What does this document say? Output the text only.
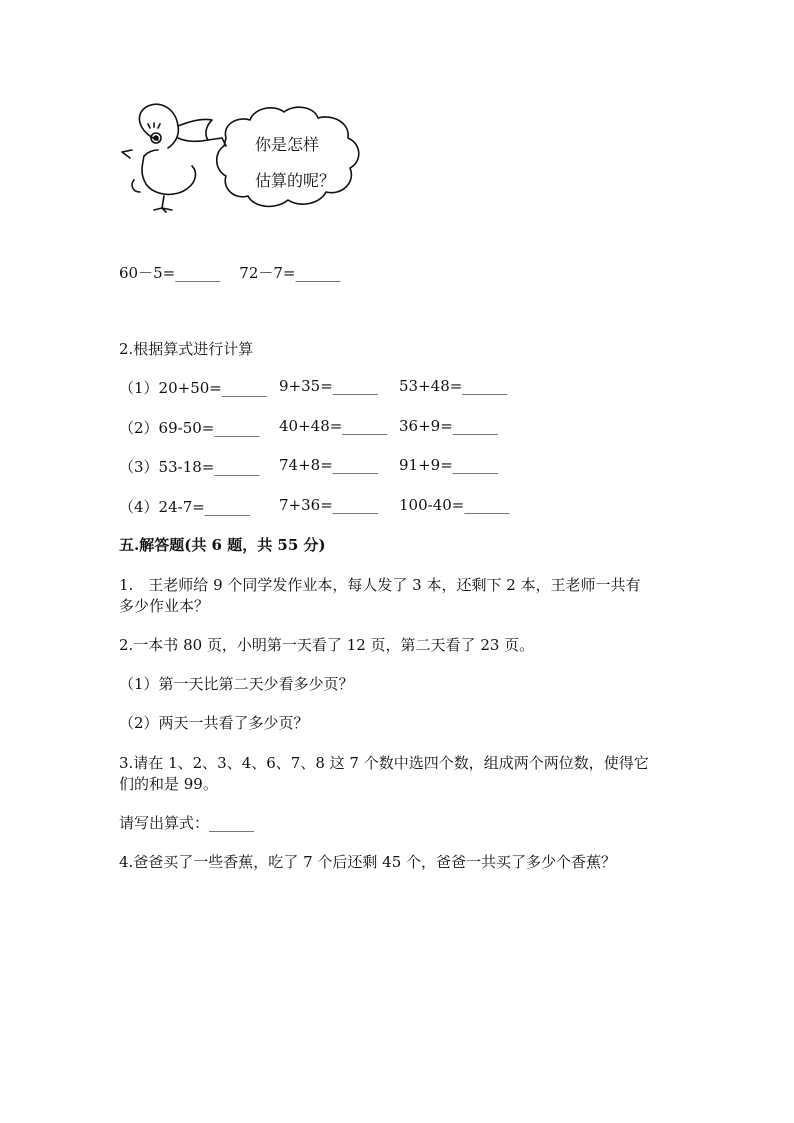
你是怎样
估算的呢？
60－5=______    72－7=______
2.根据算式进行计算
（1）20+50=______ 9+35=______ 53+48=______
（2）69-50=______ 40+48=______ 36+9=______
（3）53-18=______ 74+8=______ 91+9=______
（4）24-7=______ 7+36=______ 100-40=______
五.解答题(共 6 题，共 55 分)
1.　王老师给 9 个同学发作业本，每人发了 3 本，还剩下 2 本，王老师一共有
多少作业本？
2.一本书 80 页，小明第一天看了 12 页，第二天看了 23 页。
（1）第一天比第二天少看多少页？
（2）两天一共看了多少页？
3.请在 1、2、3、4、6、7、8 这 7 个数中选四个数，组成两个两位数，使得它
们的和是 99。
请写出算式：______
4.爸爸买了一些香蕉，吃了 7 个后还剩 45 个，爸爸一共买了多少个香蕉？
